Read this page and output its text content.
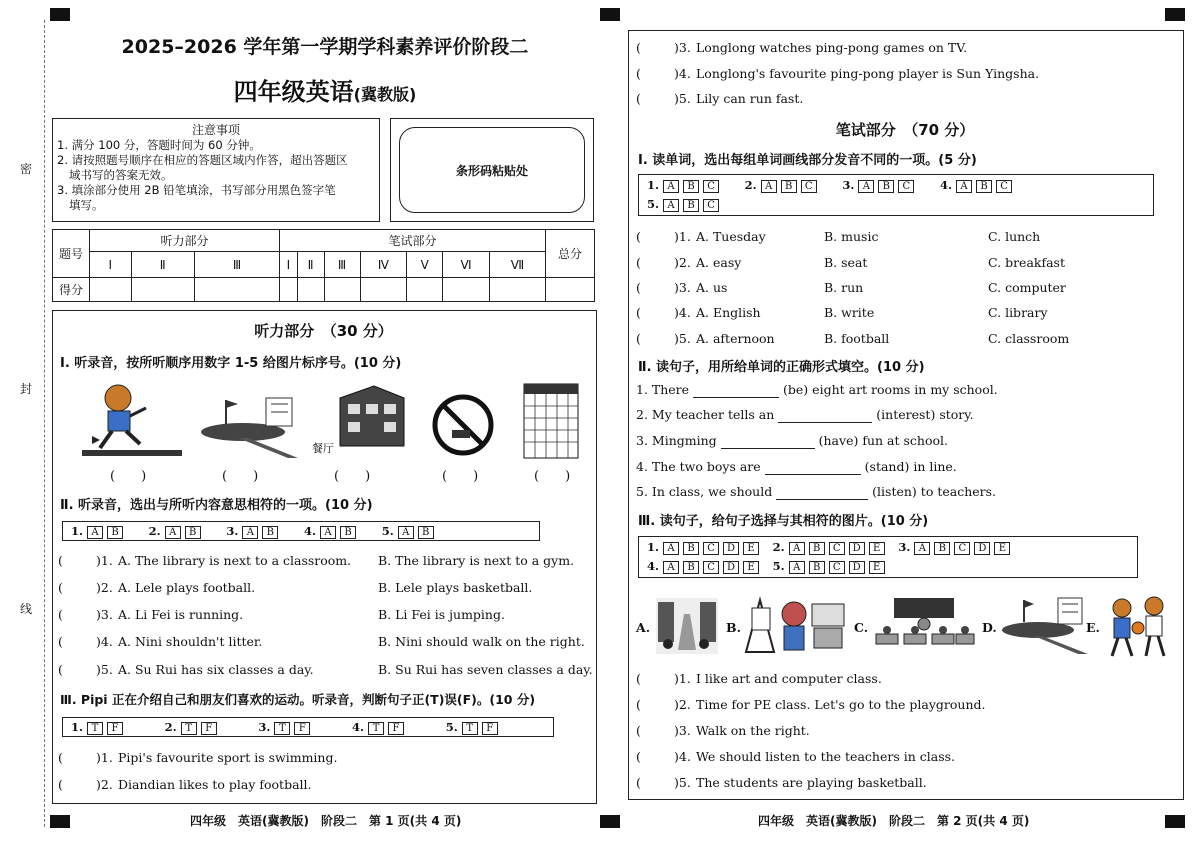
密
封
线
2025–2026 学年第一学期学科素养评价阶段二
四年级英语(冀教版)
注意事项
1. 满分 100 分，答题时间为 60 分钟。
2. 请按照题号顺序在相应的答题区域内作答，超出答题区
域书写的答案无效。
3. 填涂部分使用 2B 铅笔填涂，书写部分用黑色签字笔
填写。
条形码粘贴处
题号	听力部分			笔试部分							总分
	Ⅰ	Ⅱ	Ⅲ	Ⅰ	Ⅱ	Ⅲ	Ⅳ	Ⅴ	Ⅵ	Ⅶ	
得分											
听力部分　（30 分）
Ⅰ. 听录音，按所听顺序用数字 1-5 给图片标序号。(10 分)
餐厅
(　　)	(　　)	(　　)	(　　)	(　　)
Ⅱ. 听录音，选出与所听内容意思相符的一项。(10 分)
1. A B	2. A B	3. A B	4. A B	5. A B
(	)1. A. The library is next to a classroom. B. The library is next to a gym.
(	)2. A. Lele plays football.	B. Lele plays basketball.
(	)3. A. Li Fei is running.	B. Li Fei is jumping.
(	)4. A. Nini shouldn't litter.	B. Nini should walk on the right.
(	)5. A. Su Rui has six classes a day.	B. Su Rui has seven classes a day.
Ⅲ. Pipi 正在介绍自己和朋友们喜欢的运动。听录音，判断句子正(T)误(F)。(10 分)
1. T F	2. T F	3. T F	4. T F	5. T F
(	)1. Pipi's favourite sport is swimming.
(	)2. Diandian likes to play football.
四年级　英语(冀教版)　阶段二　第 1 页(共 4 页)
(	)3. Longlong watches ping-pong games on TV.
(	)4. Longlong's favourite ping-pong player is Sun Yingsha.
(	)5. Lily can run fast.
笔试部分　（70 分）
Ⅰ. 读单词，选出每组单词画线部分发音不同的一项。(5 分)
1. A B C	2. A B C	3. A B C	4. A B C
5. A B C
(	)1. A. Tuesday	B. music	C. lunch
(	)2. A. easy	B. seat	C. breakfast
(	)3. A. us	B. run	C. computer
(	)4. A. English	B. write	C. library
(	)5. A. afternoon	B. football	C. classroom
Ⅱ. 读句子，用所给单词的正确形式填空。(10 分)
1. There	(be) eight art rooms in my school.
2. My teacher tells an	(interest) story.
3. Mingming	(have) fun at school.
4. The two boys are	(stand) in line.
5. In class, we should	(listen) to teachers.
Ⅲ. 读句子，给句子选择与其相符的图片。(10 分)
1. A B C D E 2. A B C D E 3. A B C D E
4. A B C D E 5. A B C D E
A.	B.	C.	D.	E.
(	)1. I like art and computer class.
(	)2. Time for PE class. Let's go to the playground.
(	)3. Walk on the right.
(	)4. We should listen to the teachers in class.
(	)5. The students are playing basketball.
四年级　英语(冀教版)　阶段二　第 2 页(共 4 页)
